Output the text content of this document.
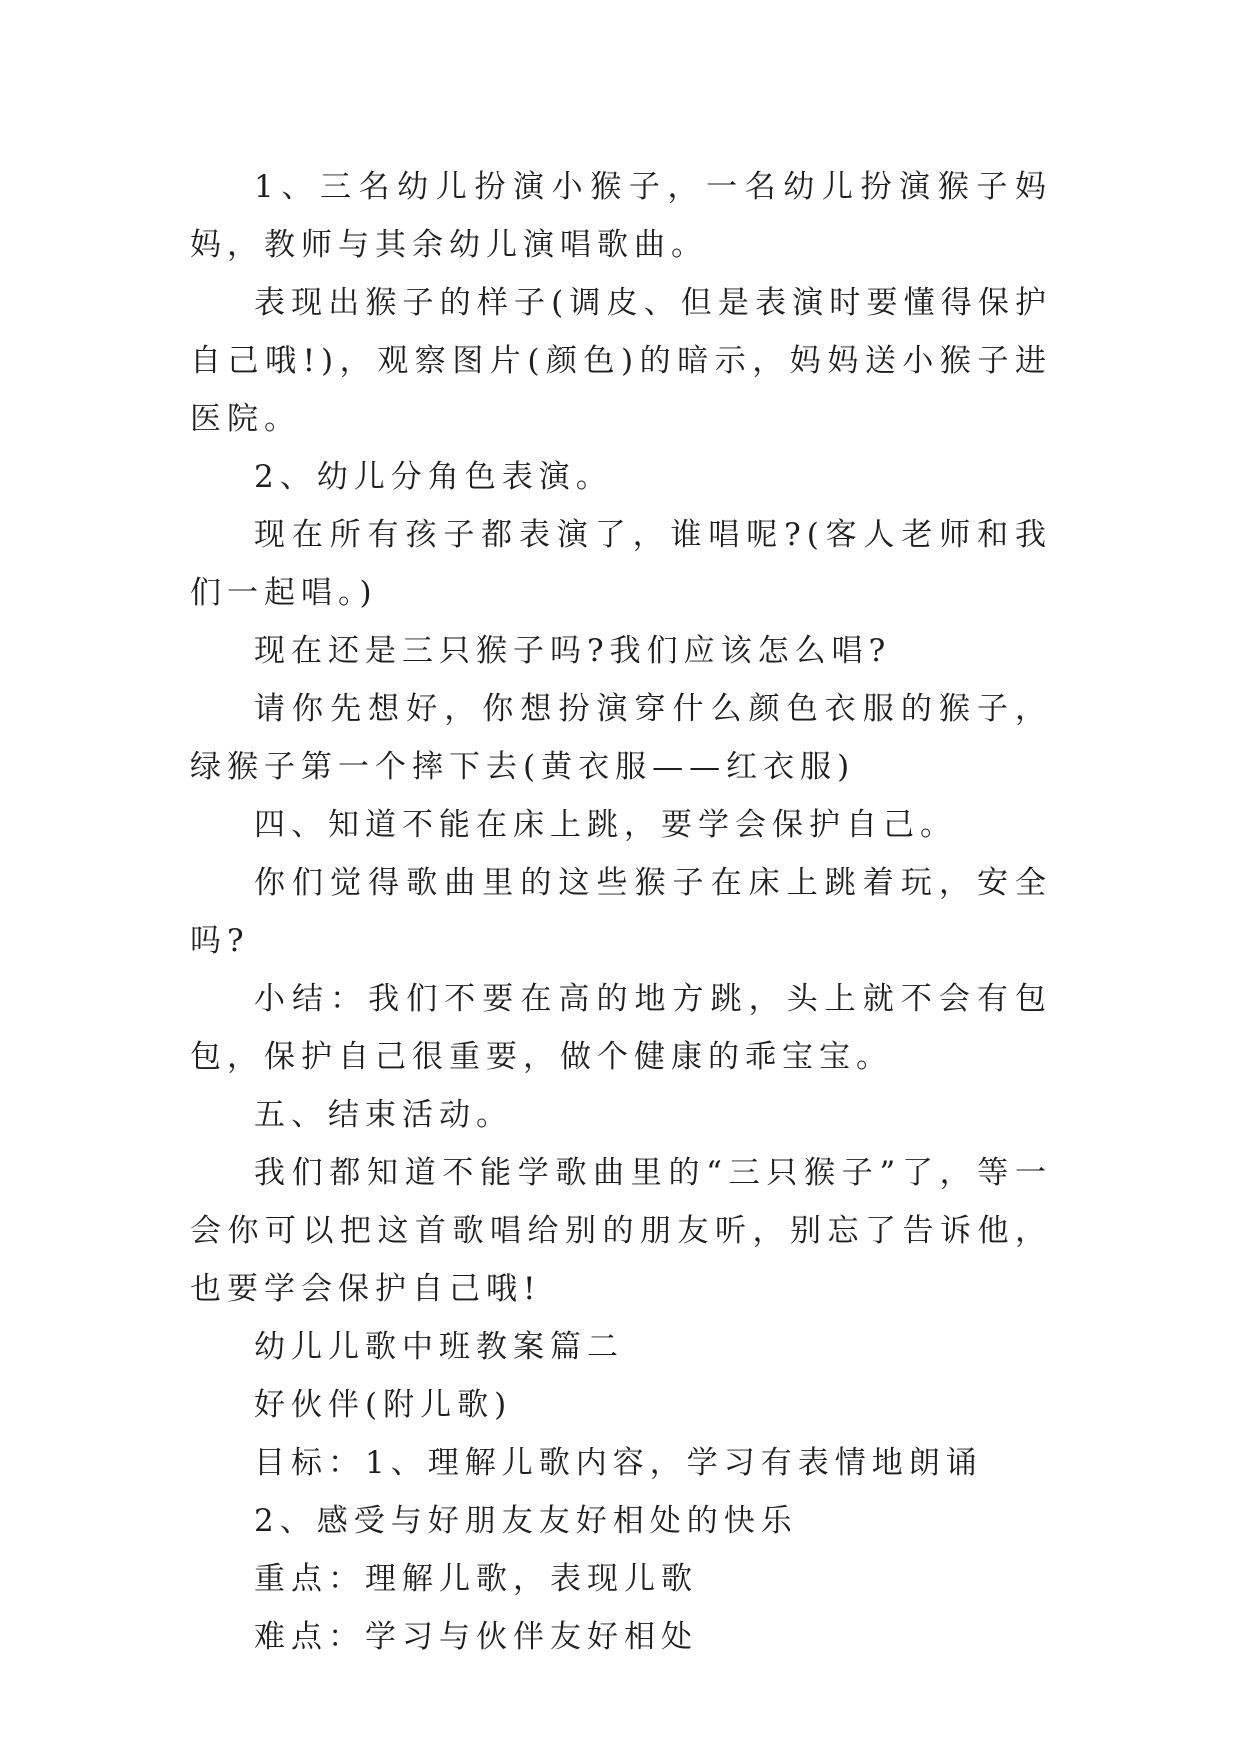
1、三名幼儿扮演小猴子，一名幼儿扮演猴子妈妈，教师与其余幼儿演唱歌曲。

表现出猴子的样子(调皮、但是表演时要懂得保护自己哦!)，观察图片(颜色)的暗示，妈妈送小猴子进医院。

2、幼儿分角色表演。

现在所有孩子都表演了，谁唱呢?(客人老师和我们一起唱。)

现在还是三只猴子吗?我们应该怎么唱?

请你先想好，你想扮演穿什么颜色衣服的猴子，绿猴子第一个摔下去(黄衣服——红衣服)

四、知道不能在床上跳，要学会保护自己。

你们觉得歌曲里的这些猴子在床上跳着玩，安全吗?

小结：我们不要在高的地方跳，头上就不会有包包，保护自己很重要，做个健康的乖宝宝。

五、结束活动。

我们都知道不能学歌曲里的“三只猴子”了，等一会你可以把这首歌唱给别的朋友听，别忘了告诉他，也要学会保护自己哦!

幼儿儿歌中班教案篇二

好伙伴(附儿歌)

目标：1、理解儿歌内容，学习有表情地朗诵

2、感受与好朋友友好相处的快乐

重点：理解儿歌，表现儿歌

难点：学习与伙伴友好相处
